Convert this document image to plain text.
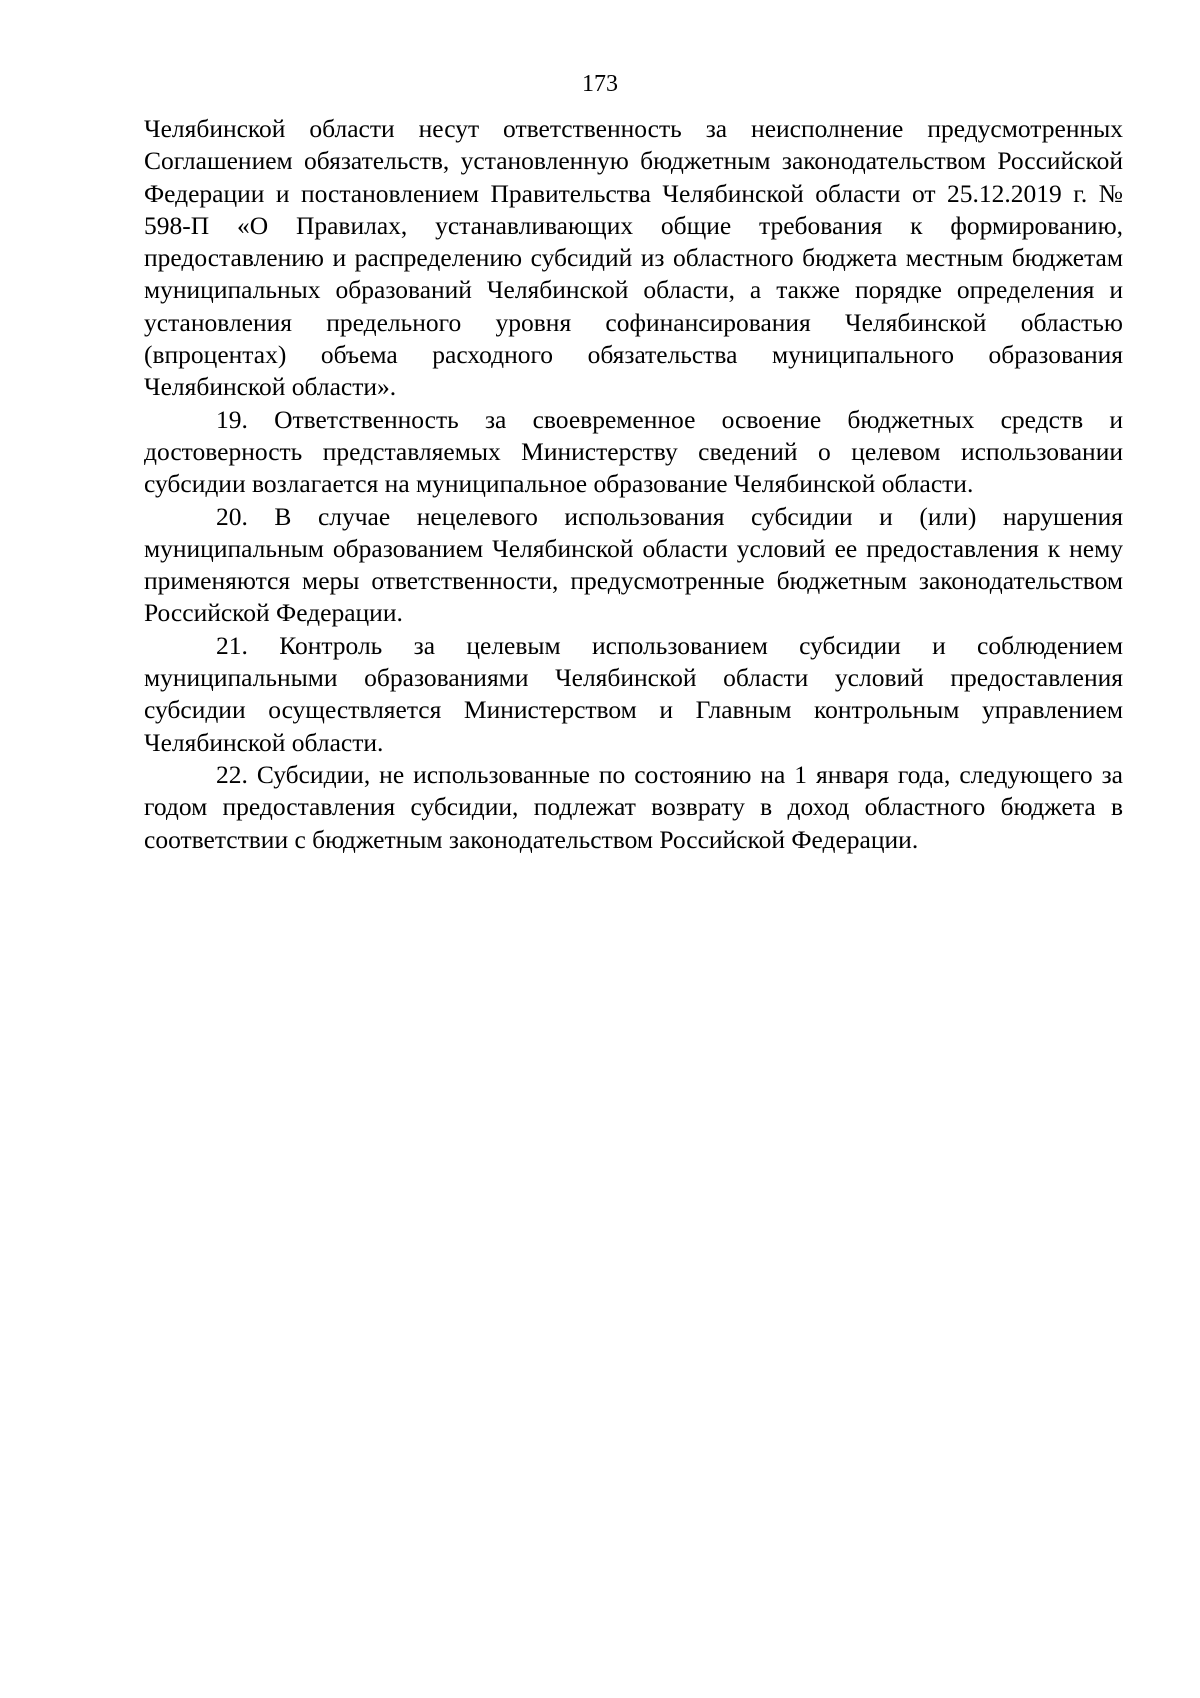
173

Челябинской области несут ответственность за неисполнение предусмотренных Соглашением обязательств, установленную бюджетным законодательством Российской Федерации и постановлением Правительства Челябинской области от 25.12.2019 г. № 598-П «О Правилах, устанавливающих общие требования к формированию, предоставлению и распределению субсидий из областного бюджета местным бюджетам муниципальных образований Челябинской области, а также порядке определения и установления предельного уровня софинансирования Челябинской областью (впроцентах) объема расходного обязательства муниципального образования Челябинской области».

19. Ответственность за своевременное освоение бюджетных средств и достоверность представляемых Министерству сведений о целевом использовании субсидии возлагается на муниципальное образование Челябинской области.

20. В случае нецелевого использования субсидии и (или) нарушения муниципальным образованием Челябинской области условий ее предоставления к нему применяются меры ответственности, предусмотренные бюджетным законодательством Российской Федерации.

21. Контроль за целевым использованием субсидии и соблюдением муниципальными образованиями Челябинской области условий предоставления субсидии осуществляется Министерством и Главным контрольным управлением Челябинской области.

22. Субсидии, не использованные по состоянию на 1 января года, следующего за годом предоставления субсидии, подлежат возврату в доход областного бюджета в соответствии с бюджетным законодательством Российской Федерации.
